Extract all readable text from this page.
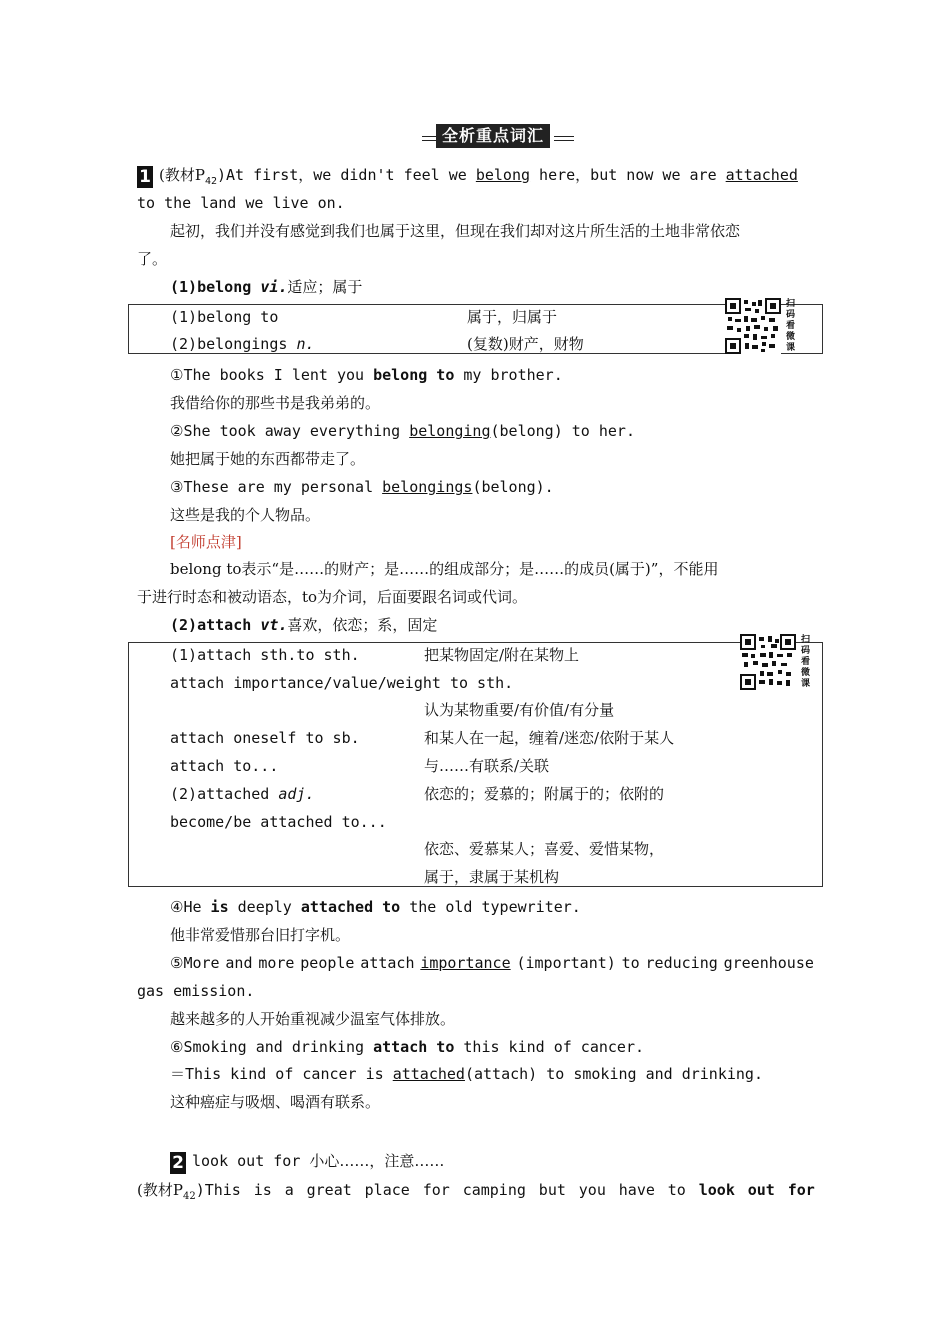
全析重点词汇
1 (教材$P_{42})At$ first，we didn't feel we belong here，but now we are attached
to the land we live on.
起初，我们并没有感觉到我们也属于这里，但现在我们却对这片所生活的土地非常依恋
了。
(1)belong vi.适应；属于
(1)belong to	属于，归属于
(2)belongings n.	(复数)财产，财物
扫
码
看
微
课
①The books I lent you belong to my brother.
我借给你的那些书是我弟弟的。
②She took away everything belonging(belong) to her.
她把属于她的东西都带走了。
③These are my personal belongings(belong).
这些是我的个人物品。
[名师点津]
belong to表示“是……的财产；是……的组成部分；是……的成员(属于)”，不能用
于进行时态和被动语态，to为介词，后面要跟名词或代词。
(2)attach vt.喜欢，依恋；系，固定
(1)attach sth.to sth.	把某物固定/附在某物上
attach importance/value/weight to sth.
认为某物重要/有价值/有分量
attach oneself to sb.	和某人在一起，缠着/迷恋/依附于某人
attach to...	与……有联系/关联
(2)attached adj.	依恋的；爱慕的；附属于的；依附的
become/be attached to...
依恋、爱慕某人；喜爱、爱惜某物，
属于，隶属于某机构
扫
码
看
微
课
④He is deeply attached to the old typewriter.
他非常爱惜那台旧打字机。
⑤More and more people attach importance (important) to reducing greenhouse
gas emission.
越来越多的人开始重视减少温室气体排放。
⑥Smoking and drinking attach to this kind of cancer.
＝This kind of cancer is attached(attach) to smoking and drinking.
这种癌症与吸烟、喝酒有联系。
2 look out for 小心……，注意……
(教材$P_{42})This$ is a great place for camping but you have to look out for
